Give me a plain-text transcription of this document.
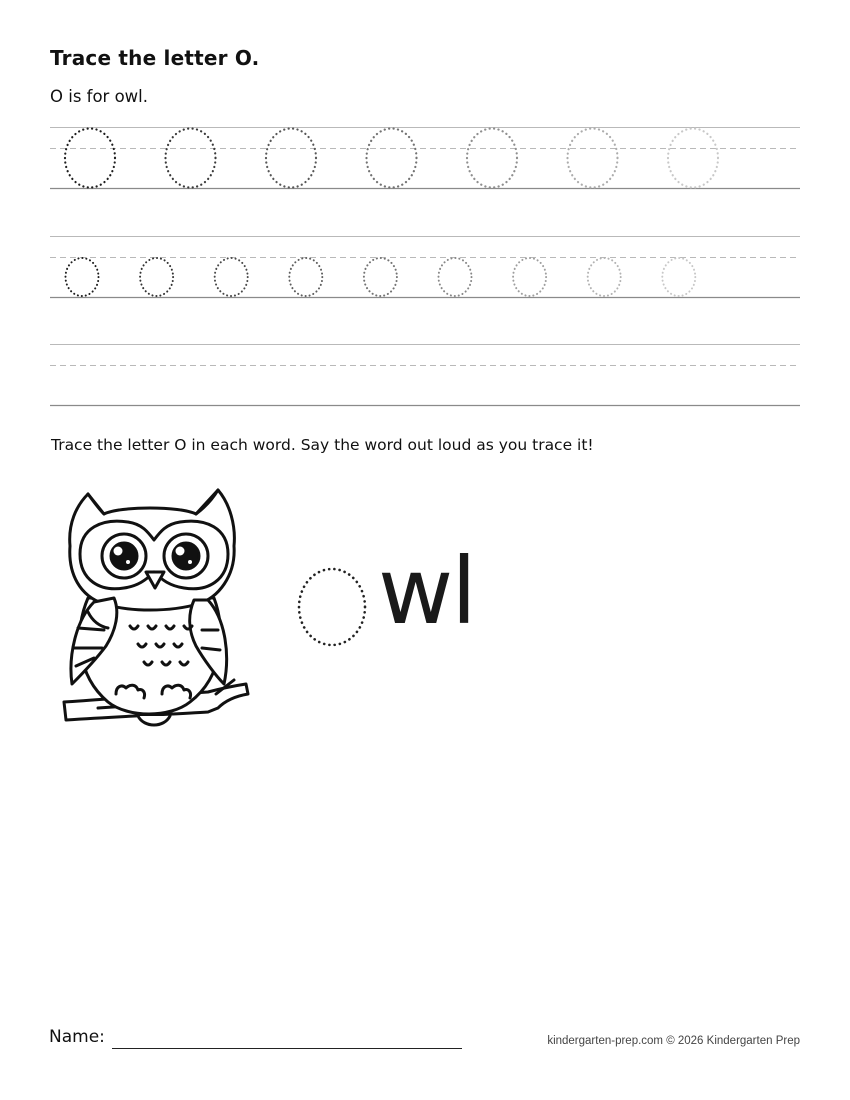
Trace the letter O.
O is for owl.
Trace the letter O in each word. Say the word out loud as you trace it!
wl
Name:	kindergarten-prep.com © 2026 Kindergarten Prep
